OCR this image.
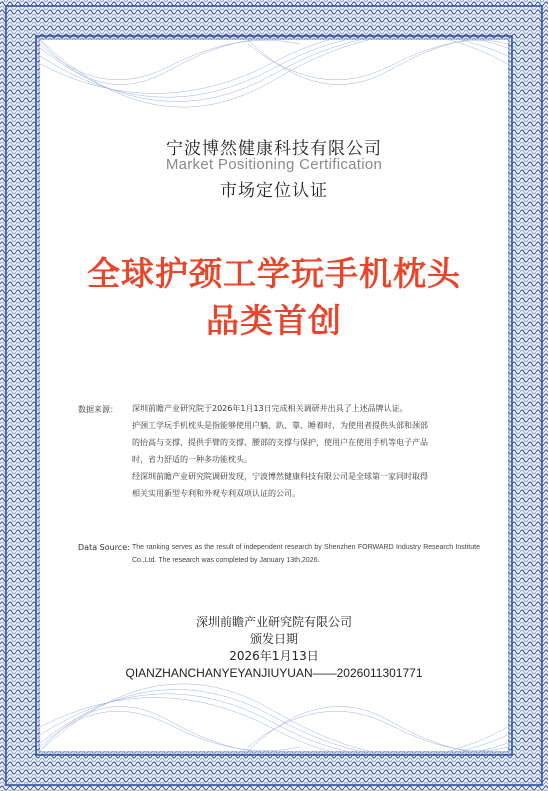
宁波博然健康科技有限公司
Market Positioning Certification
市场定位认证
全球护颈工学玩手机枕头
品类首创
数据来源： 深圳前瞻产业研究院于2026年1月13日完成相关调研并出具了上述品牌认证。
护颈工学玩手机枕头是指能够使用户躺、趴、靠、睡着时，为使用者提供头部和颈部
的抬高与支撑，提供手臂的支撑、腰部的支撑与保护，使用户在使用手机等电子产品
时，省力舒适的一种多功能枕头。
经深圳前瞻产业研究院调研发现，宁波博然健康科技有限公司是全球第一家同时取得
相关实用新型专利和外观专利双项认证的公司。
Data Source: The ranking serves as the result of independent research by Shenzhen FORWARD Industry Research Institute Co.,Ltd. The research was completed by January 13th,2026.
深圳前瞻产业研究院有限公司
颁发日期
2026年1月13日
QIANZHANCHANYEYANJIUYUAN——2026011301771
